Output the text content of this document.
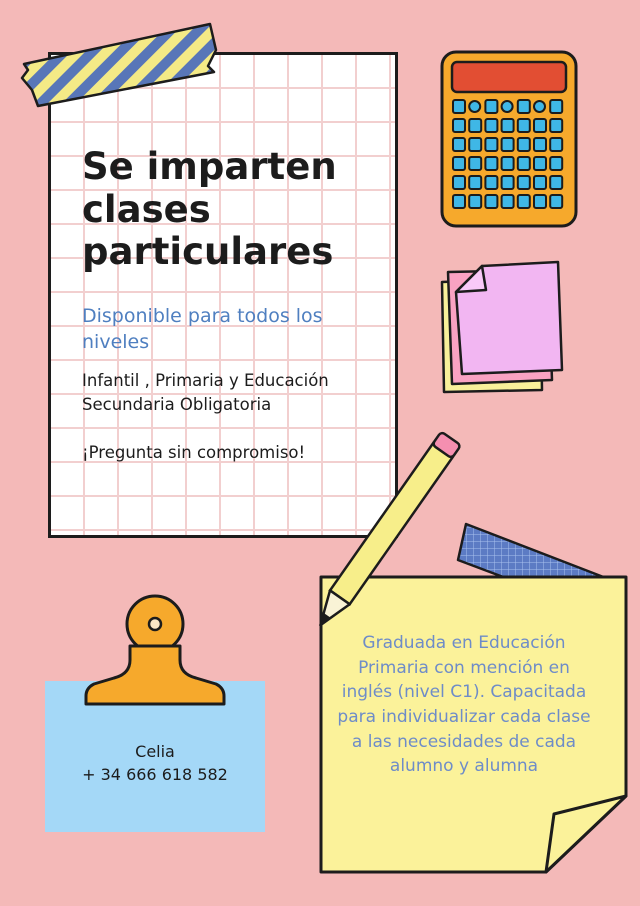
Se imparten clases particulares

Disponible para todos los niveles

Infantil , Primaria y Educación Secundaria Obligatoria

¡Pregunta sin compromiso!

Graduada en Educación Primaria con mención en inglés (nivel C1). Capacitada para individualizar cada clase a las necesidades de cada alumno y alumna
Celia
+ 34 666 618 582
